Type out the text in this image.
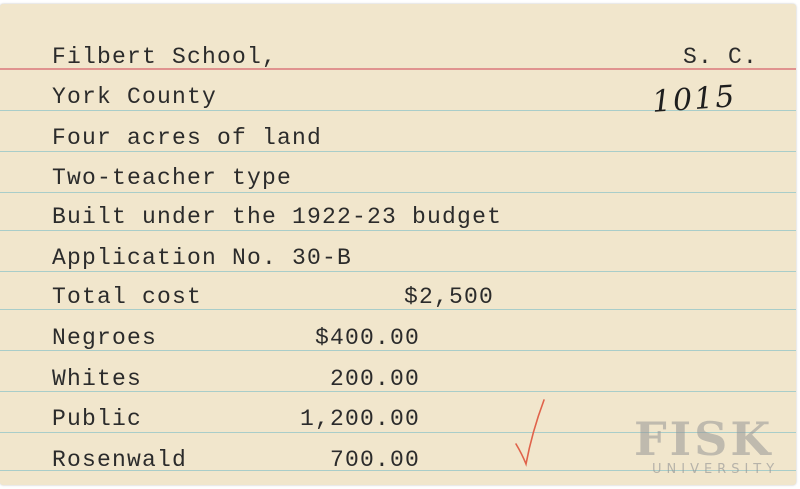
Filbert School,	S. C.
York County	1015
Four acres of land
Two-teacher type
Built under the 1922-23 budget
Application No. 30-B
Total cost	$2,500
Negroes	$400.00
Whites	200.00
Public	1,200.00
Rosenwald	700.00	FISK
UNIVERSITY
